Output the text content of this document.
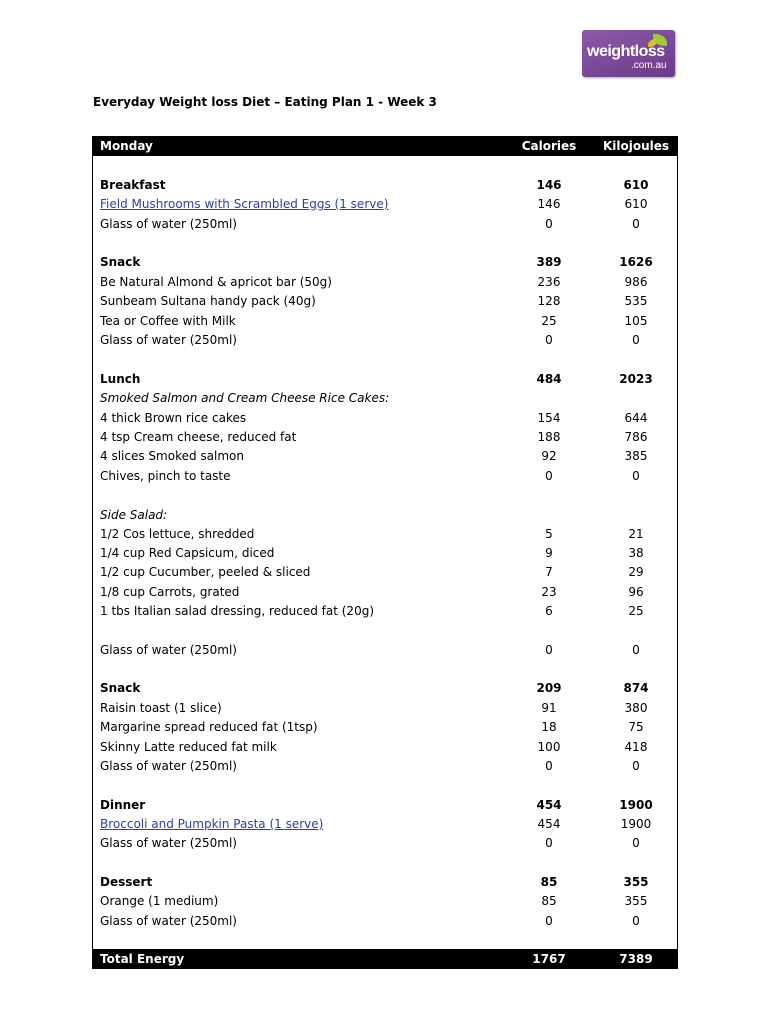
weightloss
.com.au
Everyday Weight loss Diet – Eating Plan 1 - Week 3
Monday	Calories	Kilojoules
Breakfast	146	610
Field Mushrooms with Scrambled Eggs (1 serve)	146	610
Glass of water (250ml)	0	0
Snack	389	1626
Be Natural Almond & apricot bar (50g)	236	986
Sunbeam Sultana handy pack (40g)	128	535
Tea or Coffee with Milk	25	105
Glass of water (250ml)	0	0
Lunch	484	2023
Smoked Salmon and Cream Cheese Rice Cakes:
4 thick Brown rice cakes	154	644
4 tsp Cream cheese, reduced fat	188	786
4 slices Smoked salmon	92	385
Chives, pinch to taste	0	0
Side Salad:
1/2 Cos lettuce, shredded	5	21
1/4 cup Red Capsicum, diced	9	38
1/2 cup Cucumber, peeled & sliced	7	29
1/8 cup Carrots, grated	23	96
1 tbs Italian salad dressing, reduced fat (20g)	6	25
Glass of water (250ml)	0	0
Snack	209	874
Raisin toast (1 slice)	91	380
Margarine spread reduced fat (1tsp)	18	75
Skinny Latte reduced fat milk	100	418
Glass of water (250ml)	0	0
Dinner	454	1900
Broccoli and Pumpkin Pasta (1 serve)	454	1900
Glass of water (250ml)	0	0
Dessert	85	355
Orange (1 medium)	85	355
Glass of water (250ml)	0	0
Total Energy	1767	7389
